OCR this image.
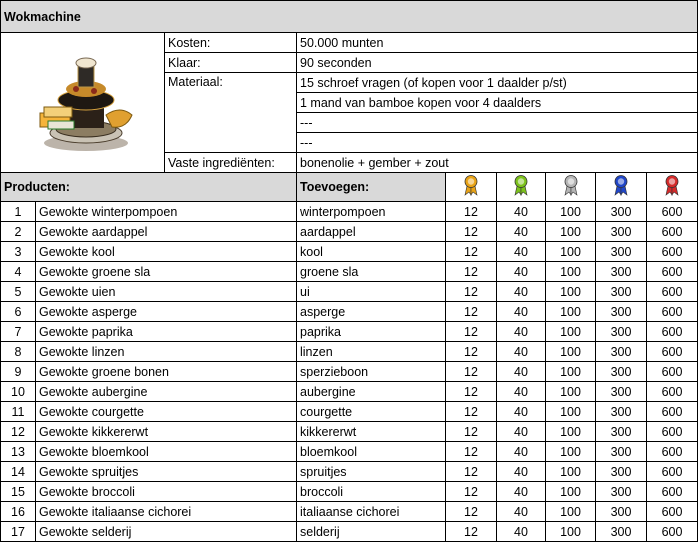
Wokmachine								
	Kosten:	50.000 munten					
		Klaar:	90 seconden					
		Materiaal:	15 schroef vragen (of kopen voor 1 daalder p/st)					
			1 mand van bamboe kopen voor 4 daalders					
			---					
			---					
		Vaste ingrediënten:	bonenolie + gember + zout					
Producten:			Toevoegen:					
1	Gewokte winterpompoen		winterpompoen	12	40	100	300	600
2	Gewokte aardappel		aardappel	12	40	100	300	600
3	Gewokte kool		kool	12	40	100	300	600
4	Gewokte groene sla		groene sla	12	40	100	300	600
5	Gewokte uien		ui	12	40	100	300	600
6	Gewokte asperge		asperge	12	40	100	300	600
7	Gewokte paprika		paprika	12	40	100	300	600
8	Gewokte linzen		linzen	12	40	100	300	600
9	Gewokte groene bonen		sperzieboon	12	40	100	300	600
10	Gewokte aubergine		aubergine	12	40	100	300	600
11	Gewokte courgette		courgette	12	40	100	300	600
12	Gewokte kikkererwt		kikkererwt	12	40	100	300	600
13	Gewokte bloemkool		bloemkool	12	40	100	300	600
14	Gewokte spruitjes		spruitjes	12	40	100	300	600
15	Gewokte broccoli		broccoli	12	40	100	300	600
16	Gewokte italiaanse cichorei		italiaanse cichorei	12	40	100	300	600
17	Gewokte selderij		selderij	12	40	100	300	600
